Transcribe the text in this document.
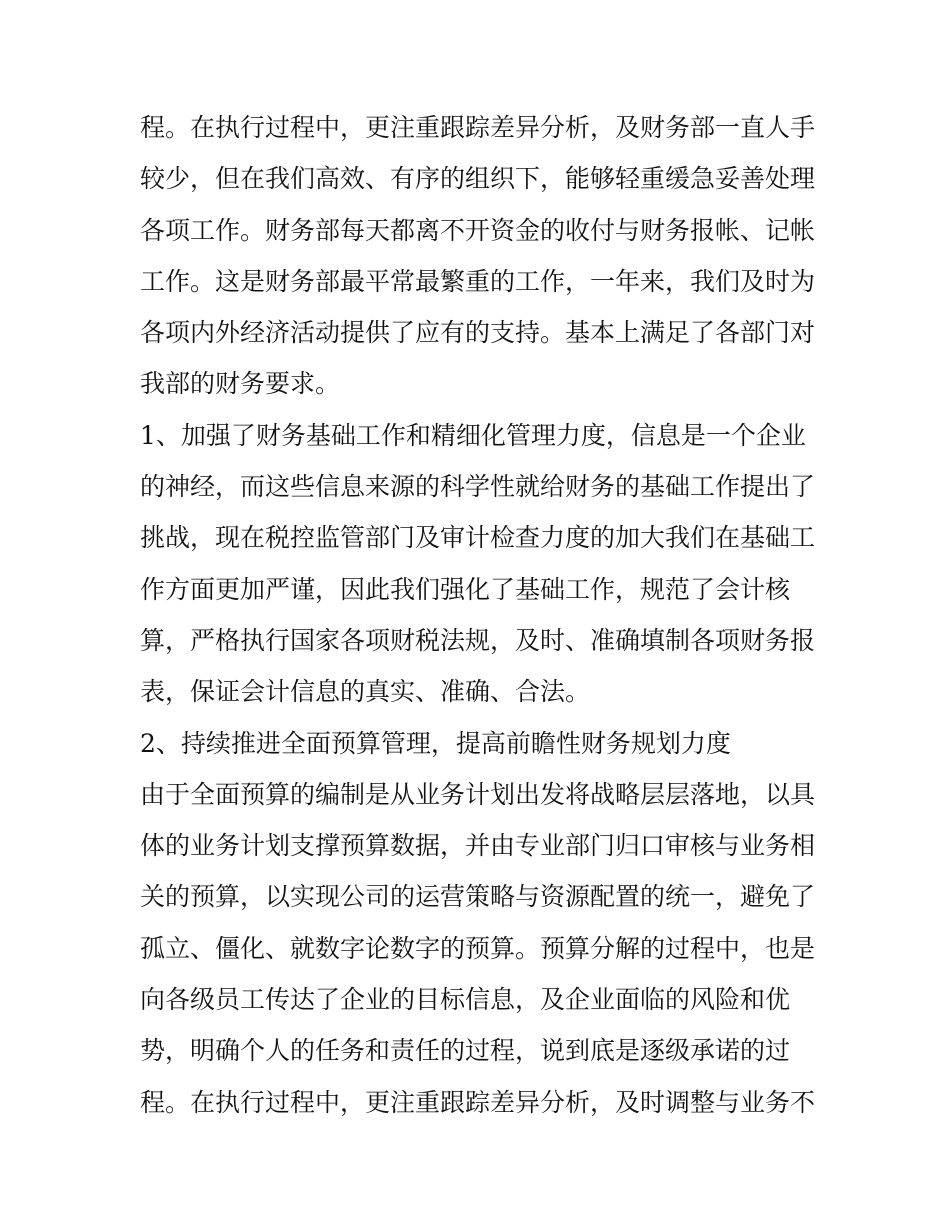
程。在执行过程中，更注重跟踪差异分析，及财务部一直人手
较少，但在我们高效、有序的组织下，能够轻重缓急妥善处理
各项工作。财务部每天都离不开资金的收付与财务报帐、记帐
工作。这是财务部最平常最繁重的工作，一年来，我们及时为
各项内外经济活动提供了应有的支持。基本上满足了各部门对
我部的财务要求。
1、加强了财务基础工作和精细化管理力度，信息是一个企业
的神经，而这些信息来源的科学性就给财务的基础工作提出了
挑战，现在税控监管部门及审计检查力度的加大我们在基础工
作方面更加严谨，因此我们强化了基础工作，规范了会计核
算，严格执行国家各项财税法规，及时、准确填制各项财务报
表，保证会计信息的真实、准确、合法。
2、持续推进全面预算管理，提高前瞻性财务规划力度
由于全面预算的编制是从业务计划出发将战略层层落地，以具
体的业务计划支撑预算数据，并由专业部门归口审核与业务相
关的预算，以实现公司的运营策略与资源配置的统一，避免了
孤立、僵化、就数字论数字的预算。预算分解的过程中，也是
向各级员工传达了企业的目标信息，及企业面临的风险和优
势，明确个人的任务和责任的过程，说到底是逐级承诺的过
程。在执行过程中，更注重跟踪差异分析，及时调整与业务不
